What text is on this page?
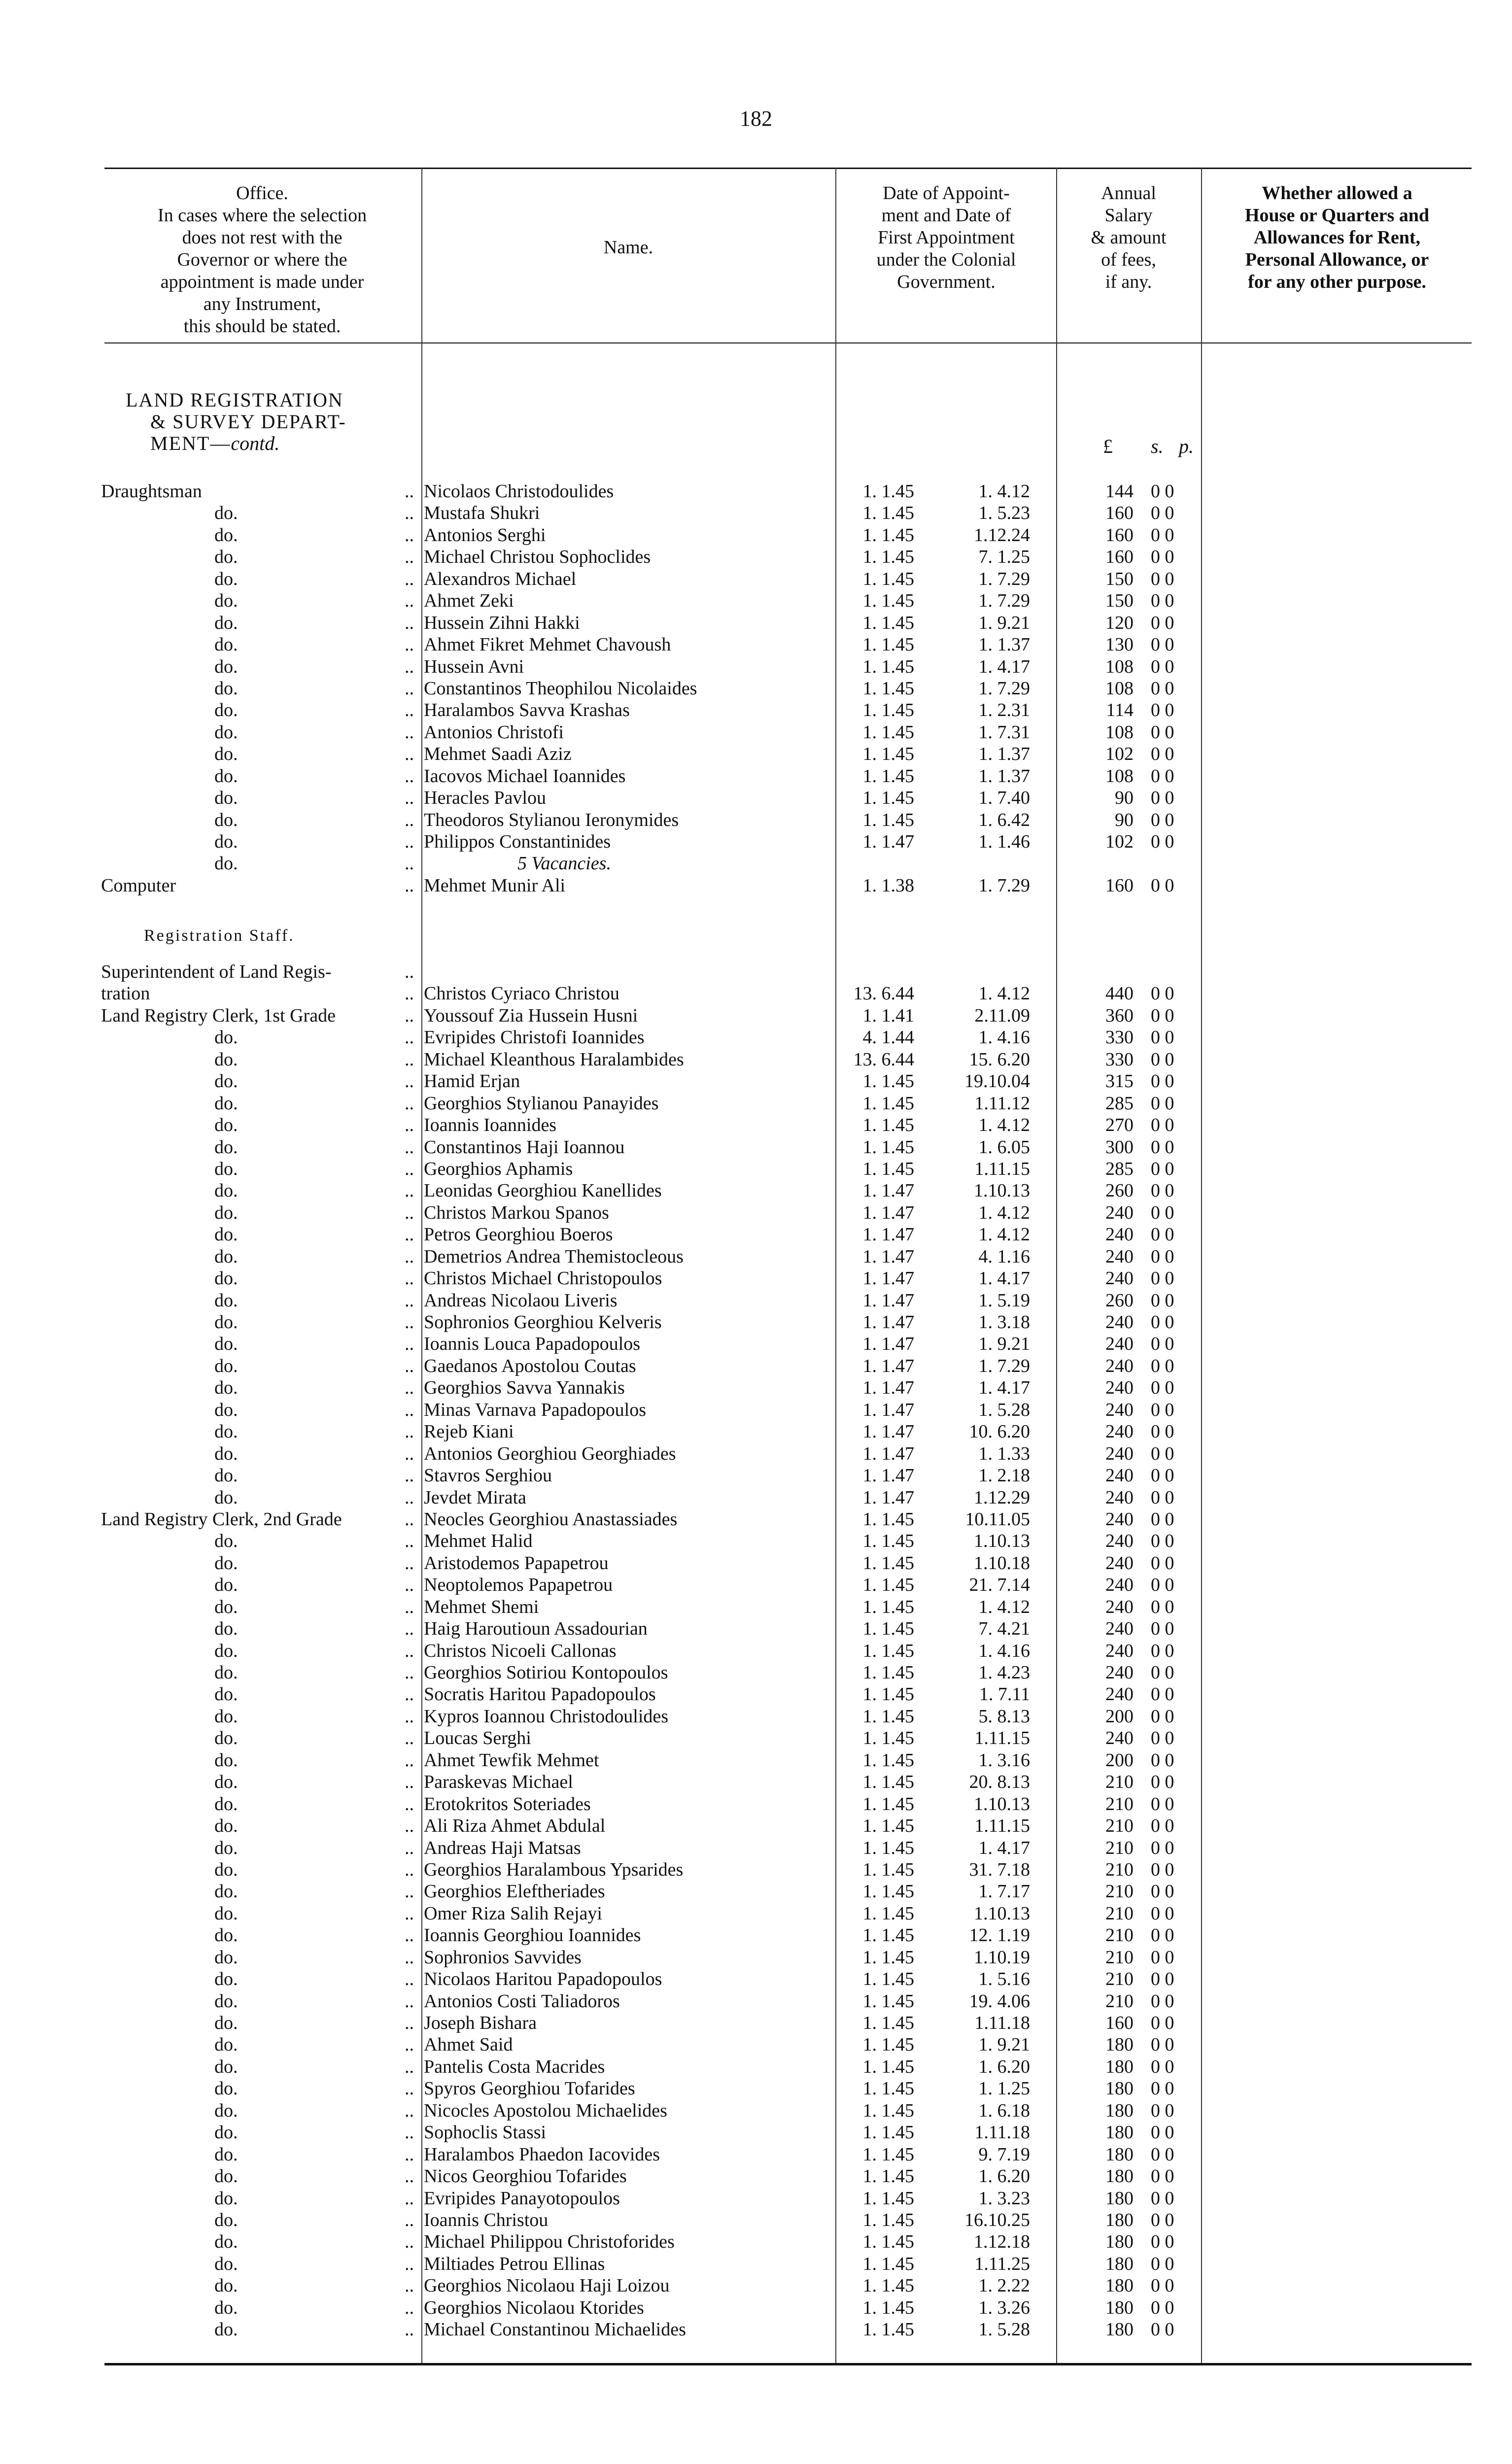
182
Office.
In cases where the selection
does not rest with the
Governor or where the
appointment is made under
any Instrument,
this should be stated.
Name.
Date of Appoint-
ment and Date of
First Appointment
under the Colonial
Government.
Annual
Salary
& amount
of fees,
if any.
Whether allowed a
House or Quarters and
Allowances for Rent,
Personal Allowance, or
for any other purpose.
LAND REGISTRATION
& SURVEY DEPART-
MENT—contd.	£ s. p.
Draughtsman	.. Nicolaos Christodoulides	1. 1.45	1. 4.12	144 0 0
do.	.. Mustafa Shukri	1. 1.45	1. 5.23	160 0 0
do.	.. Antonios Serghi	1. 1.45	1.12.24	160 0 0
do.	.. Michael Christou Sophoclides	1. 1.45	7. 1.25	160 0 0
do.	.. Alexandros Michael	1. 1.45	1. 7.29	150 0 0
do.	.. Ahmet Zeki	1. 1.45	1. 7.29	150 0 0
do.	.. Hussein Zihni Hakki	1. 1.45	1. 9.21	120 0 0
do.	.. Ahmet Fikret Mehmet Chavoush	1. 1.45	1. 1.37	130 0 0
do.	.. Hussein Avni	1. 1.45	1. 4.17	108 0 0
do.	.. Constantinos Theophilou Nicolaides	1. 1.45	1. 7.29	108 0 0
do.	.. Haralambos Savva Krashas	1. 1.45	1. 2.31	114 0 0
do.	.. Antonios Christofi	1. 1.45	1. 7.31	108 0 0
do.	.. Mehmet Saadi Aziz	1. 1.45	1. 1.37	102 0 0
do.	.. Iacovos Michael Ioannides	1. 1.45	1. 1.37	108 0 0
do.	.. Heracles Pavlou	1. 1.45	1. 7.40	90 0 0
do.	.. Theodoros Stylianou Ieronymides	1. 1.45	1. 6.42	90 0 0
do.	.. Philippos Constantinides	1. 1.47	1. 1.46	102 0 0
do.	..	5 Vacancies.
Computer	.. Mehmet Munir Ali	1. 1.38	1. 7.29	160 0 0
Registration Staff.
Superintendent of Land Regis-	..
tration	.. Christos Cyriaco Christou	13. 6.44	1. 4.12	440 0 0
Land Registry Clerk, 1st Grade	.. Youssouf Zia Hussein Husni	1. 1.41	2.11.09	360 0 0
do.	.. Evripides Christofi Ioannides	4. 1.44	1. 4.16	330 0 0
do.	.. Michael Kleanthous Haralambides	13. 6.44	15. 6.20	330 0 0
do.	.. Hamid Erjan	1. 1.45	19.10.04	315 0 0
do.	.. Georghios Stylianou Panayides	1. 1.45	1.11.12	285 0 0
do.	.. Ioannis Ioannides	1. 1.45	1. 4.12	270 0 0
do.	.. Constantinos Haji Ioannou	1. 1.45	1. 6.05	300 0 0
do.	.. Georghios Aphamis	1. 1.45	1.11.15	285 0 0
do.	.. Leonidas Georghiou Kanellides	1. 1.47	1.10.13	260 0 0
do.	.. Christos Markou Spanos	1. 1.47	1. 4.12	240 0 0
do.	.. Petros Georghiou Boeros	1. 1.47	1. 4.12	240 0 0
do.	.. Demetrios Andrea Themistocleous	1. 1.47	4. 1.16	240 0 0
do.	.. Christos Michael Christopoulos	1. 1.47	1. 4.17	240 0 0
do.	.. Andreas Nicolaou Liveris	1. 1.47	1. 5.19	260 0 0
do.	.. Sophronios Georghiou Kelveris	1. 1.47	1. 3.18	240 0 0
do.	.. Ioannis Louca Papadopoulos	1. 1.47	1. 9.21	240 0 0
do.	.. Gaedanos Apostolou Coutas	1. 1.47	1. 7.29	240 0 0
do.	.. Georghios Savva Yannakis	1. 1.47	1. 4.17	240 0 0
do.	.. Minas Varnava Papadopoulos	1. 1.47	1. 5.28	240 0 0
do.	.. Rejeb Kiani	1. 1.47	10. 6.20	240 0 0
do.	.. Antonios Georghiou Georghiades	1. 1.47	1. 1.33	240 0 0
do.	.. Stavros Serghiou	1. 1.47	1. 2.18	240 0 0
do.	.. Jevdet Mirata	1. 1.47	1.12.29	240 0 0
Land Registry Clerk, 2nd Grade	.. Neocles Georghiou Anastassiades	1. 1.45	10.11.05	240 0 0
do.	.. Mehmet Halid	1. 1.45	1.10.13	240 0 0
do.	.. Aristodemos Papapetrou	1. 1.45	1.10.18	240 0 0
do.	.. Neoptolemos Papapetrou	1. 1.45	21. 7.14	240 0 0
do.	.. Mehmet Shemi	1. 1.45	1. 4.12	240 0 0
do.	.. Haig Haroutioun Assadourian	1. 1.45	7. 4.21	240 0 0
do.	.. Christos Nicoeli Callonas	1. 1.45	1. 4.16	240 0 0
do.	.. Georghios Sotiriou Kontopoulos	1. 1.45	1. 4.23	240 0 0
do.	.. Socratis Haritou Papadopoulos	1. 1.45	1. 7.11	240 0 0
do.	.. Kypros Ioannou Christodoulides	1. 1.45	5. 8.13	200 0 0
do.	.. Loucas Serghi	1. 1.45	1.11.15	240 0 0
do.	.. Ahmet Tewfik Mehmet	1. 1.45	1. 3.16	200 0 0
do.	.. Paraskevas Michael	1. 1.45	20. 8.13	210 0 0
do.	.. Erotokritos Soteriades	1. 1.45	1.10.13	210 0 0
do.	.. Ali Riza Ahmet Abdulal	1. 1.45	1.11.15	210 0 0
do.	.. Andreas Haji Matsas	1. 1.45	1. 4.17	210 0 0
do.	.. Georghios Haralambous Ypsarides	1. 1.45	31. 7.18	210 0 0
do.	.. Georghios Eleftheriades	1. 1.45	1. 7.17	210 0 0
do.	.. Omer Riza Salih Rejayi	1. 1.45	1.10.13	210 0 0
do.	.. Ioannis Georghiou Ioannides	1. 1.45	12. 1.19	210 0 0
do.	.. Sophronios Savvides	1. 1.45	1.10.19	210 0 0
do.	.. Nicolaos Haritou Papadopoulos	1. 1.45	1. 5.16	210 0 0
do.	.. Antonios Costi Taliadoros	1. 1.45	19. 4.06	210 0 0
do.	.. Joseph Bishara	1. 1.45	1.11.18	160 0 0
do.	.. Ahmet Said	1. 1.45	1. 9.21	180 0 0
do.	.. Pantelis Costa Macrides	1. 1.45	1. 6.20	180 0 0
do.	.. Spyros Georghiou Tofarides	1. 1.45	1. 1.25	180 0 0
do.	.. Nicocles Apostolou Michaelides	1. 1.45	1. 6.18	180 0 0
do.	.. Sophoclis Stassi	1. 1.45	1.11.18	180 0 0
do.	.. Haralambos Phaedon Iacovides	1. 1.45	9. 7.19	180 0 0
do.	.. Nicos Georghiou Tofarides	1. 1.45	1. 6.20	180 0 0
do.	.. Evripides Panayotopoulos	1. 1.45	1. 3.23	180 0 0
do.	.. Ioannis Christou	1. 1.45	16.10.25	180 0 0
do.	.. Michael Philippou Christoforides	1. 1.45	1.12.18	180 0 0
do.	.. Miltiades Petrou Ellinas	1. 1.45	1.11.25	180 0 0
do.	.. Georghios Nicolaou Haji Loizou	1. 1.45	1. 2.22	180 0 0
do.	.. Georghios Nicolaou Ktorides	1. 1.45	1. 3.26	180 0 0
do.	.. Michael Constantinou Michaelides	1. 1.45	1. 5.28	180 0 0
